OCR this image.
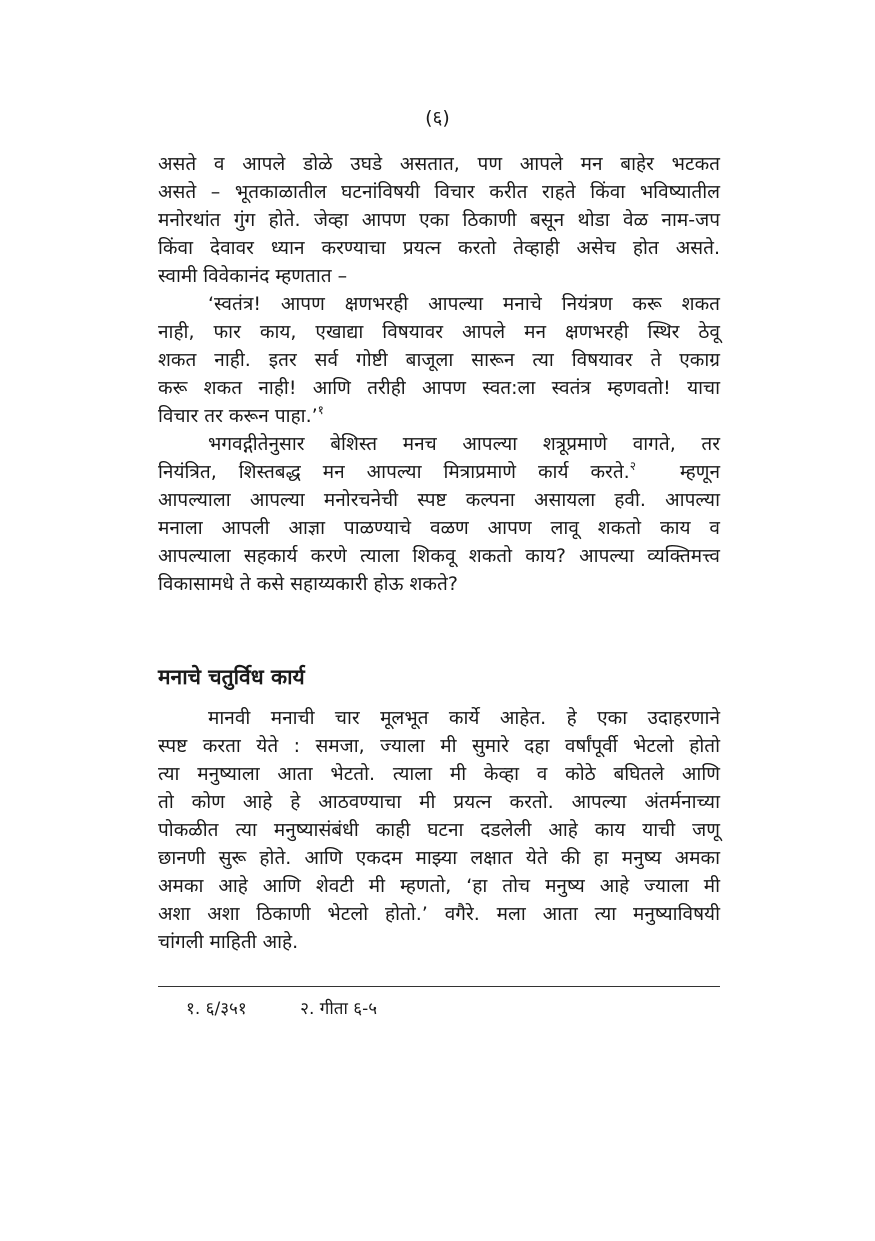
(६)

असते व आपले डोळे उघडे असतात, पण आपले मन बाहेर भटकत
असते – भूतकाळातील घटनांविषयी विचार करीत राहते किंवा भविष्यातील
मनोरथांत गुंग होते. जेव्हा आपण एका ठिकाणी बसून थोडा वेळ नाम-जप
किंवा देवावर ध्यान करण्याचा प्रयत्न करतो तेव्हाही असेच होत असते.
स्वामी विवेकानंद म्हणतात –

‘स्वतंत्र! आपण क्षणभरही आपल्या मनाचे नियंत्रण करू शकत
नाही, फार काय, एखाद्या विषयावर आपले मन क्षणभरही स्थिर ठेवू
शकत नाही. इतर सर्व गोष्टी बाजूला सारून त्या विषयावर ते एकाग्र
करू शकत नाही! आणि तरीही आपण स्वत:ला स्वतंत्र म्हणवतो! याचा
विचार तर करून पाहा.’$^१$

भगवद्गीतेनुसार बेशिस्त मनच आपल्या शत्रूप्रमाणे वागते, तर
नियंत्रित, शिस्तबद्ध मन आपल्या मित्राप्रमाणे कार्य करते.$^२$ म्हणून
आपल्याला आपल्या मनोरचनेची स्पष्ट कल्पना असायला हवी. आपल्या
मनाला आपली आज्ञा पाळण्याचे वळण आपण लावू शकतो काय व
आपल्याला सहकार्य करणे त्याला शिकवू शकतो काय? आपल्या व्यक्तिमत्त्व
विकासामधे ते कसे सहाय्यकारी होऊ शकते?

मनाचे चतुर्विध कार्य

मानवी मनाची चार मूलभूत कार्ये आहेत. हे एका उदाहरणाने
स्पष्ट करता येते : समजा, ज्याला मी सुमारे दहा वर्षांपूर्वी भेटलो होतो
त्या मनुष्याला आता भेटतो. त्याला मी केव्हा व कोठे बघितले आणि
तो कोण आहे हे आठवण्याचा मी प्रयत्न करतो. आपल्या अंतर्मनाच्या
पोकळीत त्या मनुष्यासंबंधी काही घटना दडलेली आहे काय याची जणू
छानणी सुरू होते. आणि एकदम माझ्या लक्षात येते की हा मनुष्य अमका
अमका आहे आणि शेवटी मी म्हणतो, ‘हा तोच मनुष्य आहे ज्याला मी
अशा अशा ठिकाणी भेटलो होतो.’ वगैरे. मला आता त्या मनुष्याविषयी
चांगली माहिती आहे.

१. ६/३५१	२. गीता ६-५
